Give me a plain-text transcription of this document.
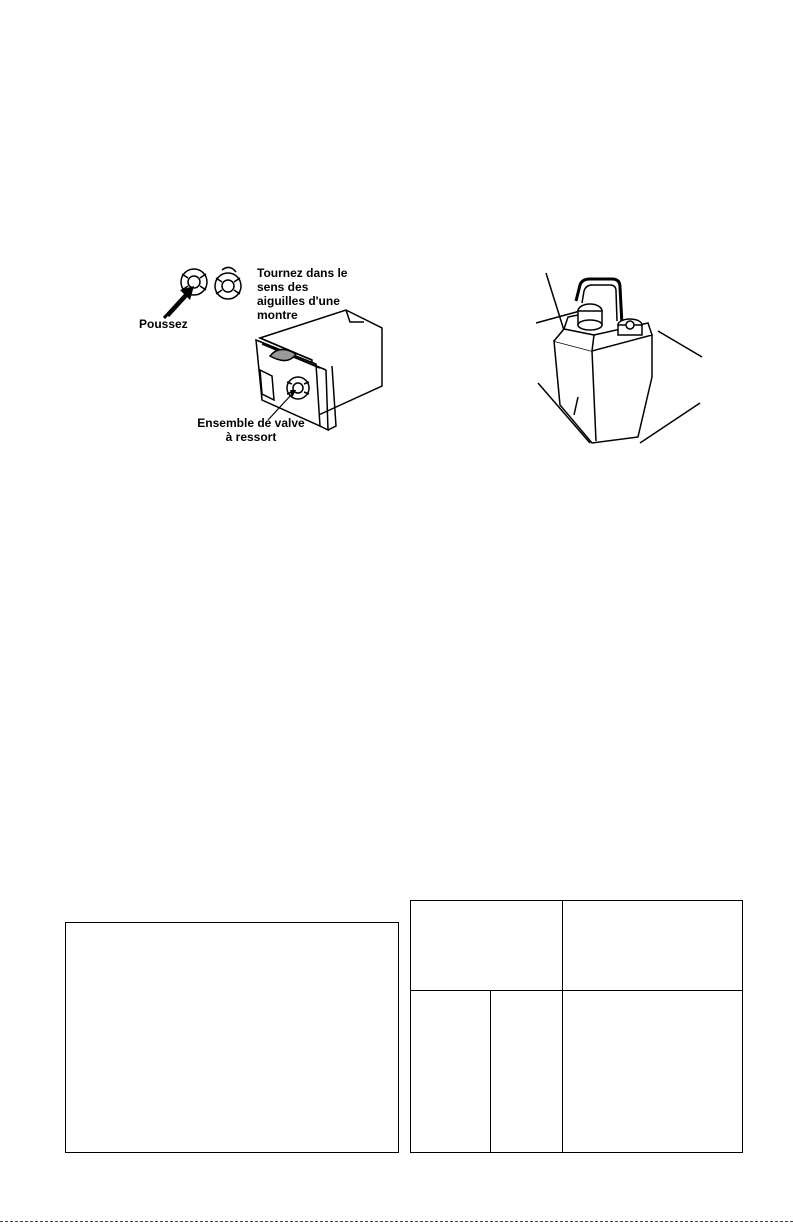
Tournez dans le sens des aiguilles d'une montre
Poussez
Ensemble de valve à ressort
